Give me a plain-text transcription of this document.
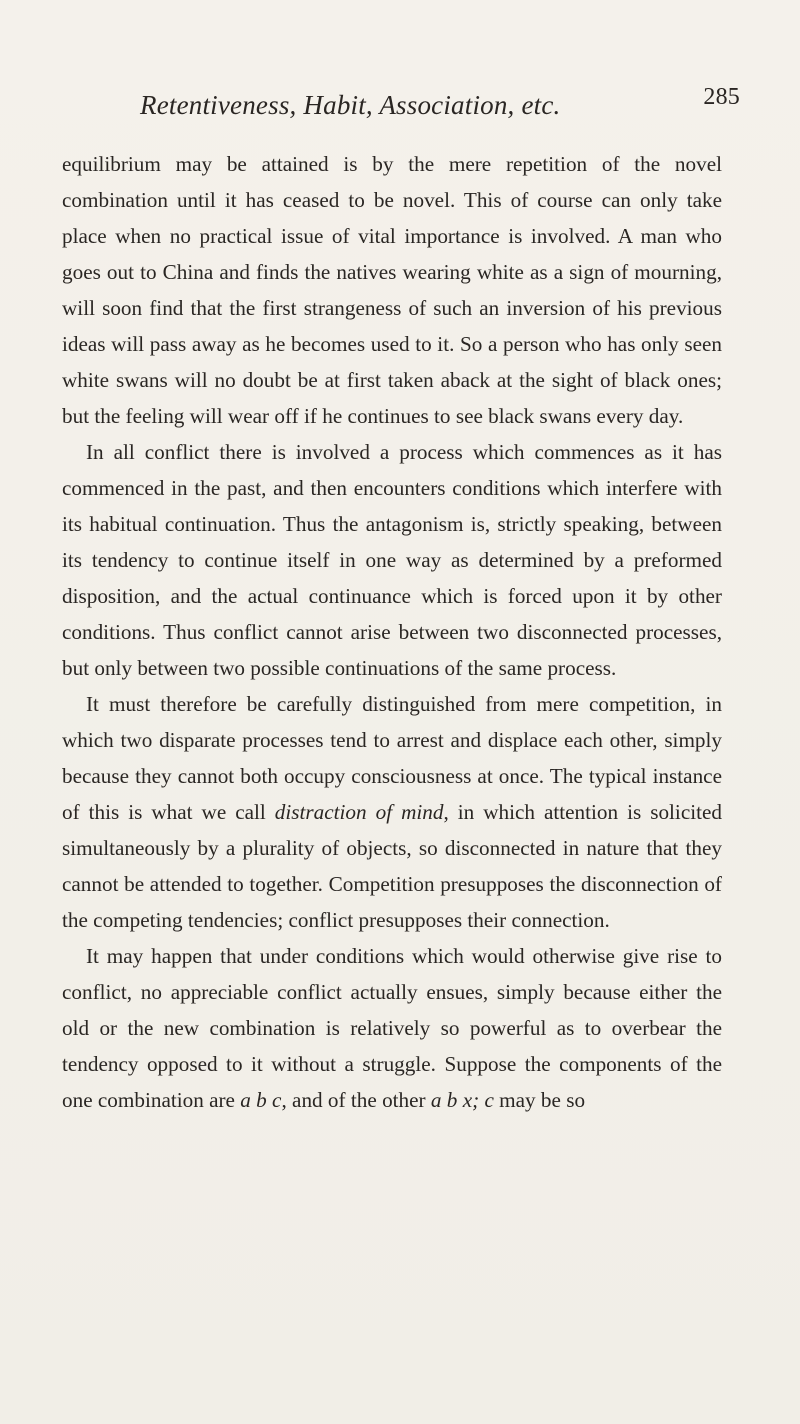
Retentiveness, Habit, Association, etc.	285

equilibrium may be attained is by the mere repetition of the novel combination until it has ceased to be novel. This of course can only take place when no practical issue of vital importance is involved. A man who goes out to China and finds the natives wearing white as a sign of mourning, will soon find that the first strangeness of such an inversion of his previous ideas will pass away as he becomes used to it. So a person who has only seen white swans will no doubt be at first taken aback at the sight of black ones; but the feeling will wear off if he continues to see black swans every day.

In all conflict there is involved a process which commences as it has commenced in the past, and then encounters conditions which interfere with its habitual continuation. Thus the antagonism is, strictly speaking, between its tendency to continue itself in one way as determined by a preformed disposition, and the actual continuance which is forced upon it by other conditions. Thus conflict cannot arise between two disconnected processes, but only between two possible continuations of the same process.

It must therefore be carefully distinguished from mere competition, in which two disparate processes tend to arrest and displace each other, simply because they cannot both occupy consciousness at once. The typical instance of this is what we call distraction of mind, in which attention is solicited simultaneously by a plurality of objects, so disconnected in nature that they cannot be attended to together. Competition presupposes the disconnection of the competing tendencies; conflict presupposes their connection.

It may happen that under conditions which would otherwise give rise to conflict, no appreciable conflict actually ensues, simply because either the old or the new combination is relatively so powerful as to overbear the tendency opposed to it without a struggle. Suppose the components of the one combination are a b c, and of the other a b x; c may be so
